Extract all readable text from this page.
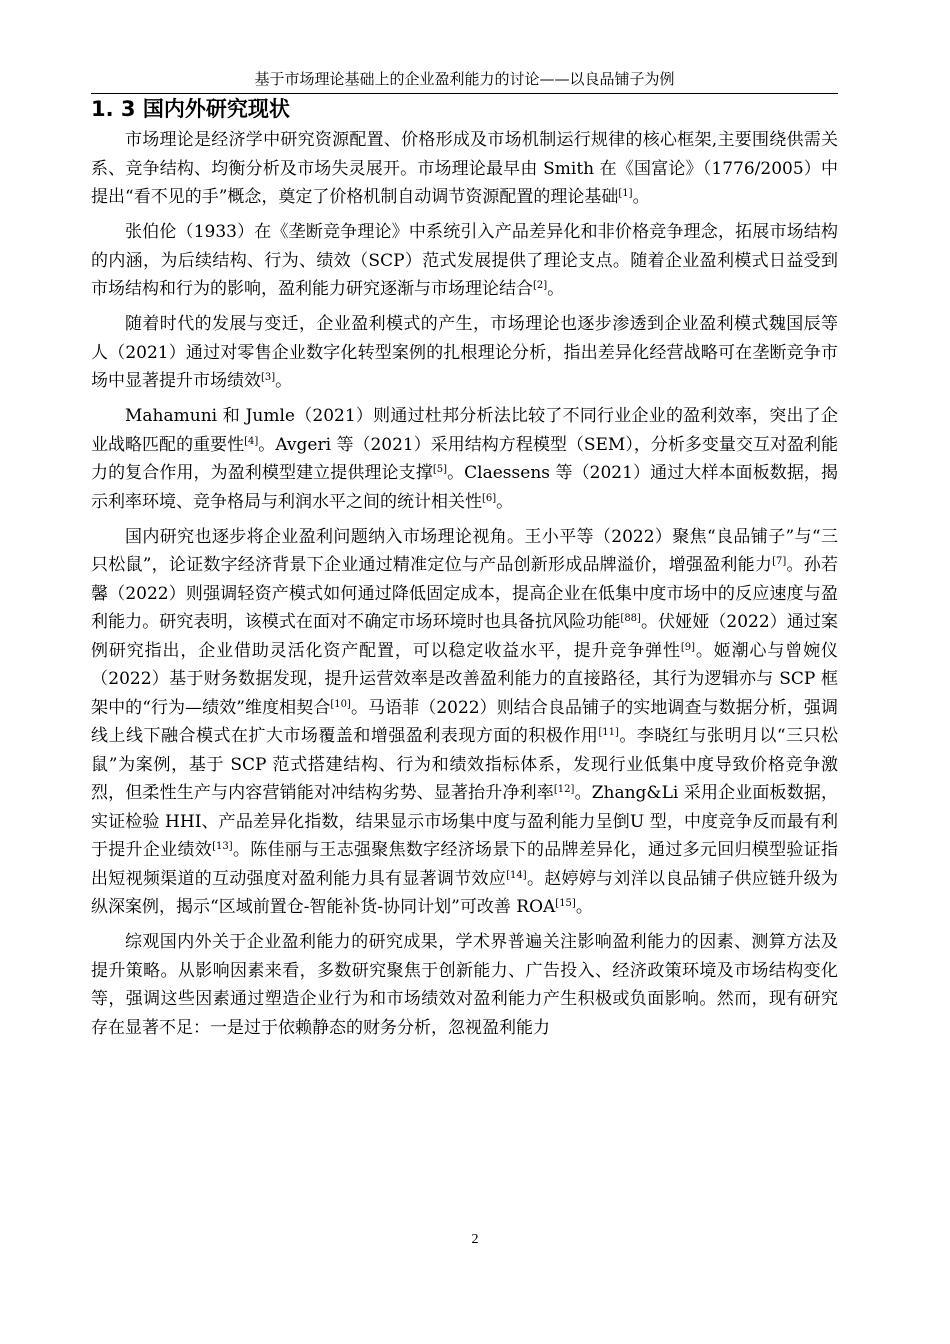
基于市场理论基础上的企业盈利能力的讨论——以良品铺子为例
1. 3 国内外研究现状

市场理论是经济学中研究资源配置、价格形成及市场机制运行规律的核心框架,主要围绕供需关系、竞争结构、均衡分析及市场失灵展开。市场理论最早由 Smith 在《国富论》（1776/2005）中提出“看不见的手”概念，奠定了价格机制自动调节资源配置的理论基础[1]。

张伯伦（1933）在《垄断竞争理论》中系统引入产品差异化和非价格竞争理念，拓展市场结构的内涵，为后续结构、行为、绩效（SCP）范式发展提供了理论支点。随着企业盈利模式日益受到市场结构和行为的影响，盈利能力研究逐渐与市场理论结合[2]。

随着时代的发展与变迁，企业盈利模式的产生，市场理论也逐步渗透到企业盈利模式魏国辰等人（2021）通过对零售企业数字化转型案例的扎根理论分析，指出差异化经营战略可在垄断竞争市场中显著提升市场绩效[3]。

Mahamuni 和 Jumle（2021）则通过杜邦分析法比较了不同行业企业的盈利效率，突出了企业战略匹配的重要性[4]。Avgeri 等（2021）采用结构方程模型（SEM），分析多变量交互对盈利能力的复合作用，为盈利模型建立提供理论支撑[5]。Claessens 等（2021）通过大样本面板数据，揭示利率环境、竞争格局与利润水平之间的统计相关性[6]。

国内研究也逐步将企业盈利问题纳入市场理论视角。王小平等（2022）聚焦“良品铺子”与“三只松鼠”，论证数字经济背景下企业通过精准定位与产品创新形成品牌溢价，增强盈利能力[7]。孙若馨（2022）则强调轻资产模式如何通过降低固定成本，提高企业在低集中度市场中的反应速度与盈利能力。研究表明，该模式在面对不确定市场环境时也具备抗风险功能[88]。伏娅娅（2022）通过案例研究指出，企业借助灵活化资产配置，可以稳定收益水平，提升竞争弹性[9]。姬潮心与曾婉仪（2022）基于财务数据发现，提升运营效率是改善盈利能力的直接路径，其行为逻辑亦与 SCP 框架中的“行为—绩效”维度相契合[10]。马语菲（2022）则结合良品铺子的实地调查与数据分析，强调线上线下融合模式在扩大市场覆盖和增强盈利表现方面的积极作用[11]。李晓红与张明月以“三只松鼠”为案例，基于 SCP 范式搭建结构、行为和绩效指标体系，发现行业低集中度导致价格竞争激烈，但柔性生产与内容营销能对冲结构劣势、显著抬升净利率[12]。Zhang&Li 采用企业面板数据，实证检验 HHI、产品差异化指数，结果显示市场集中度与盈利能力呈倒U 型，中度竞争反而最有利于提升企业绩效[13]。陈佳丽与王志强聚焦数字经济场景下的品牌差异化，通过多元回归模型验证指出短视频渠道的互动强度对盈利能力具有显著调节效应[14]。赵婷婷与刘洋以良品铺子供应链升级为纵深案例，揭示“区域前置仓-智能补货-协同计划”可改善 ROA[15]。

综观国内外关于企业盈利能力的研究成果，学术界普遍关注影响盈利能力的因素、测算方法及提升策略。从影响因素来看，多数研究聚焦于创新能力、广告投入、经济政策环境及市场结构变化等，强调这些因素通过塑造企业行为和市场绩效对盈利能力产生积极或负面影响。然而，现有研究存在显著不足：一是过于依赖静态的财务分析，忽视盈利能力

2
